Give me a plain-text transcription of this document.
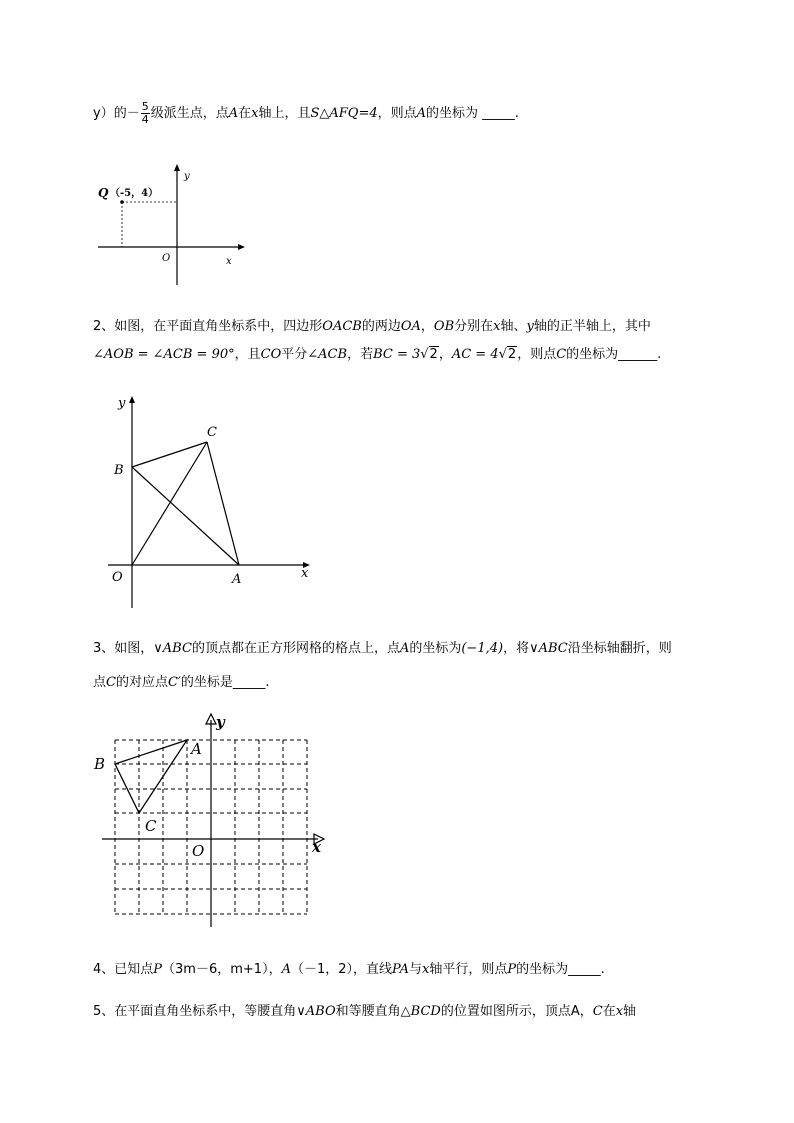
y）的－ $\frac{5}{4}$ 级派生点，点A在x轴上，且S△AFQ=4，则点A的坐标为 _____.
Q （-5，4）
y
x
O
2、如图，在平面直角坐标系中，四边形OACB的两边OA，OB分别在x轴、y轴的正半轴上，其中
∠AOB = ∠ACB = 90°，且CO平分∠ACB，若BC = 3√2，AC = 4√2，则点C的坐标为______.
y
x
O	A
B
C
3、如图，∨ABC的顶点都在正方形网格的格点上，点A的坐标为(−1,4)，将∨ABC沿坐标轴翻折，则
点C的对应点C′的坐标是_____.
y
x
O
A
B
C
4、已知点P（3m－6，m+1），A（－1，2），直线PA与x轴平行，则点P的坐标为_____.
5、在平面直角坐标系中，等腰直角∨ABO和等腰直角△BCD的位置如图所示，顶点A，C在x轴
